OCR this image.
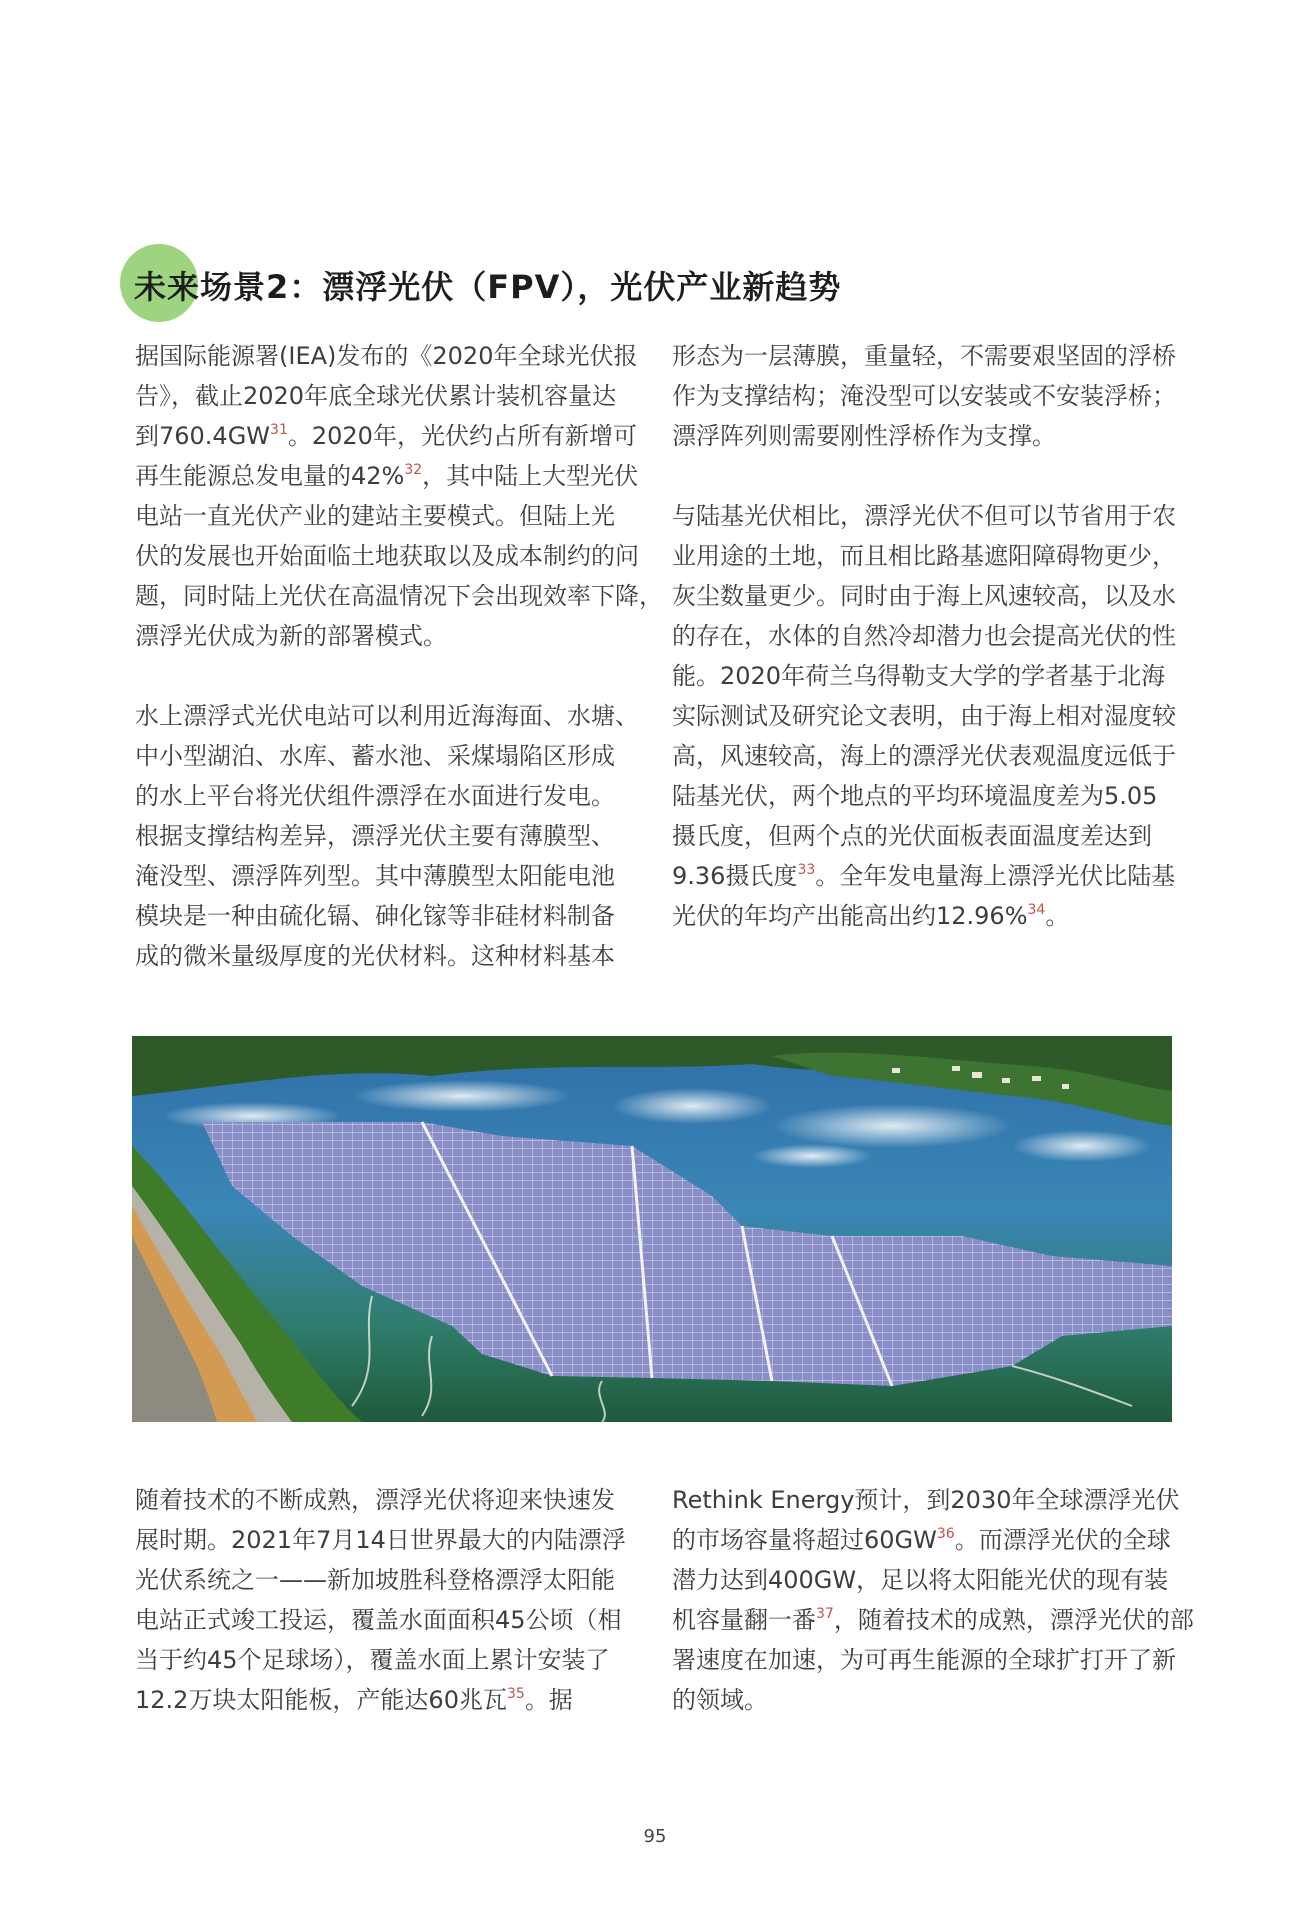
未来场景2：漂浮光伏（FPV），光伏产业新趋势

据国际能源署(IEA)发布的《2020年全球光伏报
告》，截止2020年底全球光伏累计装机容量达
到760.4GW$^{31}$。2020年，光伏约占所有新增可
再生能源总发电量的42%$^{32}$，其中陆上大型光伏
电站一直光伏产业的建站主要模式。但陆上光
伏的发展也开始面临土地获取以及成本制约的问
题，同时陆上光伏在高温情况下会出现效率下降，
漂浮光伏成为新的部署模式。

水上漂浮式光伏电站可以利用近海海面、水塘、
中小型湖泊、水库、蓄水池、采煤塌陷区形成
的水上平台将光伏组件漂浮在水面进行发电。
根据支撑结构差异，漂浮光伏主要有薄膜型、
淹没型、漂浮阵列型。其中薄膜型太阳能电池
模块是一种由硫化镉、砷化镓等非硅材料制备
成的微米量级厚度的光伏材料。这种材料基本

形态为一层薄膜，重量轻，不需要艰坚固的浮桥
作为支撑结构；淹没型可以安装或不安装浮桥；
漂浮阵列则需要刚性浮桥作为支撑。

与陆基光伏相比，漂浮光伏不但可以节省用于农
业用途的土地，而且相比路基遮阳障碍物更少，
灰尘数量更少。同时由于海上风速较高，以及水
的存在，水体的自然冷却潜力也会提高光伏的性
能。2020年荷兰乌得勒支大学的学者基于北海
实际测试及研究论文表明，由于海上相对湿度较
高，风速较高，海上的漂浮光伏表观温度远低于
陆基光伏，两个地点的平均环境温度差为5.05
摄氏度，但两个点的光伏面板表面温度差达到
9.36摄氏度$^{33}$。全年发电量海上漂浮光伏比陆基
光伏的年均产出能高出约12.96%$^{34}$。

随着技术的不断成熟，漂浮光伏将迎来快速发
展时期。2021年7月14日世界最大的内陆漂浮
光伏系统之一——新加坡胜科登格漂浮太阳能
电站正式竣工投运，覆盖水面面积45公顷（相
当于约45个足球场），覆盖水面上累计安装了
12.2万块太阳能板，产能达60兆瓦$^{35}$。据

Rethink Energy预计，到2030年全球漂浮光伏
的市场容量将超过60GW$^{36}$。而漂浮光伏的全球
潜力达到400GW，足以将太阳能光伏的现有装
机容量翻一番$^{37}$，随着技术的成熟，漂浮光伏的部
署速度在加速，为可再生能源的全球扩打开了新
的领域。

95
